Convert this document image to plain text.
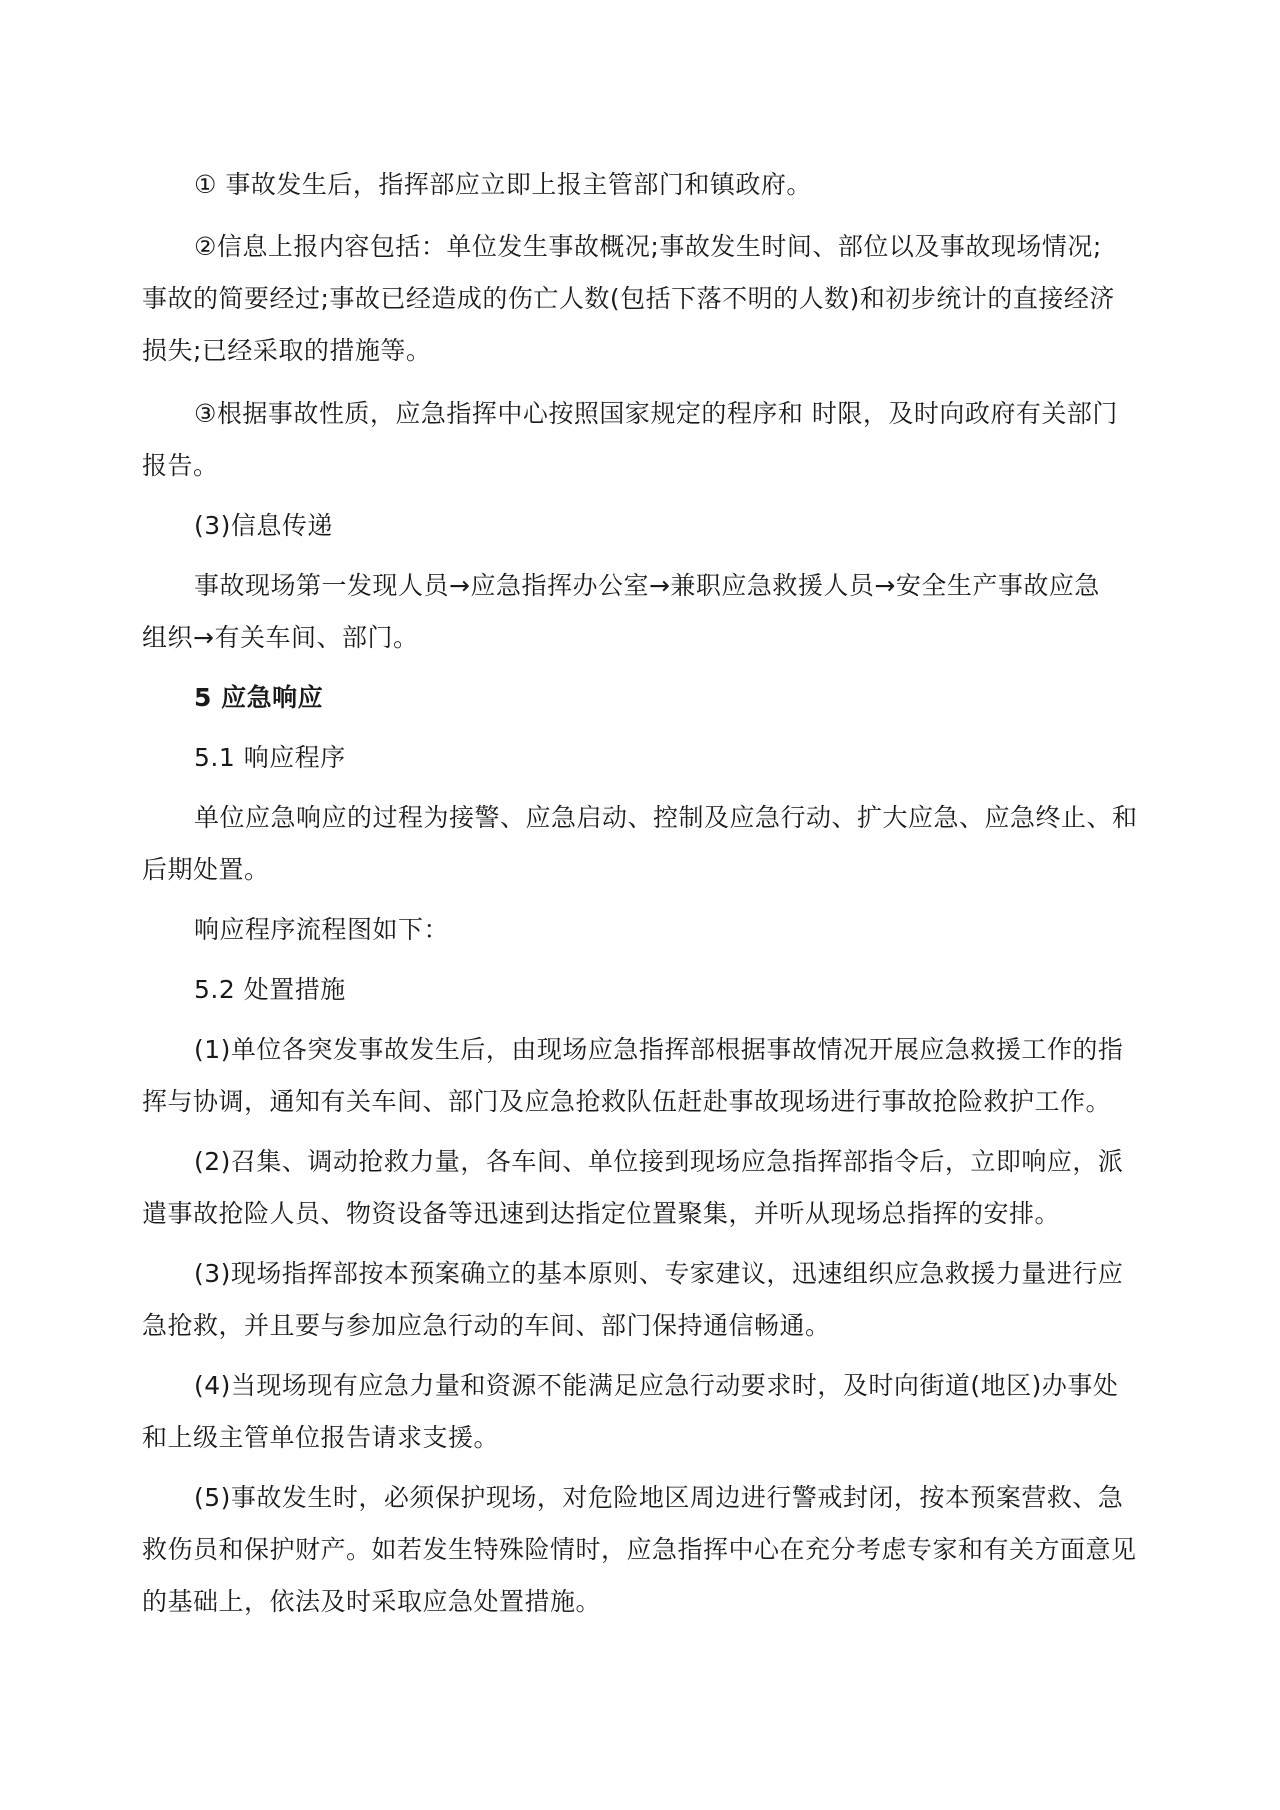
① 事故发生后，指挥部应立即上报主管部门和镇政府。

②信息上报内容包括：单位发生事故概况;事故发生时间、部位以及事故现场情况;
事故的简要经过;事故已经造成的伤亡人数(包括下落不明的人数)和初步统计的直接经济
损失;已经采取的措施等。

③根据事故性质，应急指挥中心按照国家规定的程序和 时限，及时向政府有关部门
报告。

(3)信息传递

事故现场第一发现人员→应急指挥办公室→兼职应急救援人员→安全生产事故应急
组织→有关车间、部门。

5 应急响应

5.1 响应程序

单位应急响应的过程为接警、应急启动、控制及应急行动、扩大应急、应急终止、和
后期处置。

响应程序流程图如下：

5.2 处置措施

(1)单位各突发事故发生后，由现场应急指挥部根据事故情况开展应急救援工作的指
挥与协调，通知有关车间、部门及应急抢救队伍赶赴事故现场进行事故抢险救护工作。

(2)召集、调动抢救力量，各车间、单位接到现场应急指挥部指令后，立即响应，派
遣事故抢险人员、物资设备等迅速到达指定位置聚集，并听从现场总指挥的安排。

(3)现场指挥部按本预案确立的基本原则、专家建议，迅速组织应急救援力量进行应
急抢救，并且要与参加应急行动的车间、部门保持通信畅通。

(4)当现场现有应急力量和资源不能满足应急行动要求时，及时向街道(地区)办事处
和上级主管单位报告请求支援。

(5)事故发生时，必须保护现场，对危险地区周边进行警戒封闭，按本预案营救、急
救伤员和保护财产。如若发生特殊险情时，应急指挥中心在充分考虑专家和有关方面意见
的基础上，依法及时采取应急处置措施。
